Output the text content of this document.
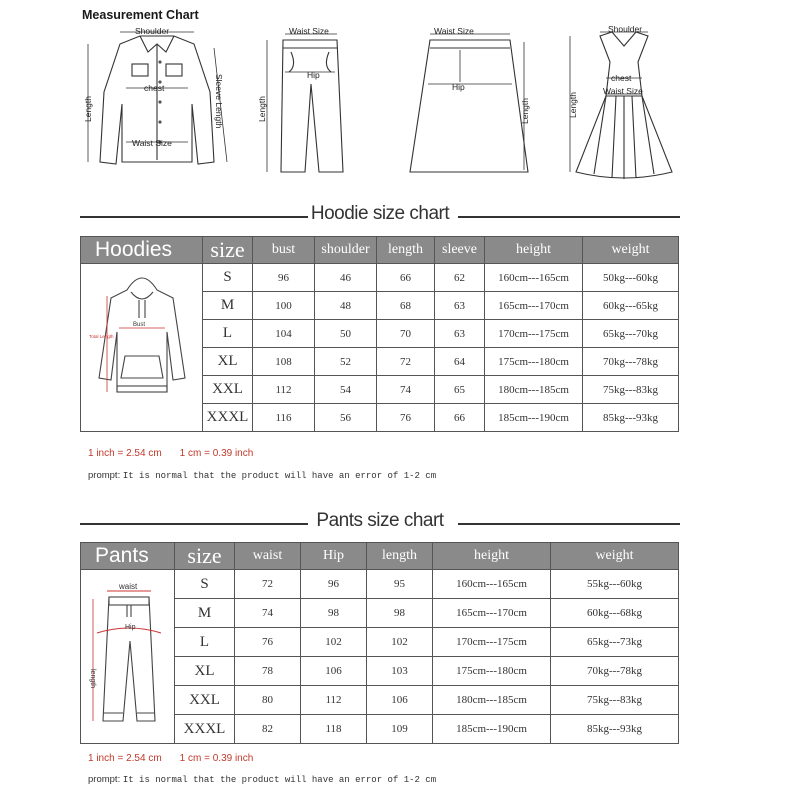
Measurement Chart
Shoulder
chest
Waist Size
Length	Sleeve Length
Waist Size
Hip
Length
Waist Size
Hip
Length
Shoulder
chest
Waist Size
Length
Hoodie size chart
Hoodies	size	bust	shoulder	length	sleeve	height	weight

Bust
Total Length	S	96	46	66	62	160cm---165cm	50kg---60kg
	M	100	48	68	63	165cm---170cm	60kg---65kg
	L	104	50	70	63	170cm---175cm	65kg---70kg
	XL	108	52	72	64	175cm---180cm	70kg---78kg
	XXL	112	54	74	65	180cm---185cm	75kg---83kg
	XXXL	116	56	76	66	185cm---190cm	85kg---93kg
1 inch = 2.54 cm 1 cm = 0.39 inch
prompt: It is normal that the product will have an error of 1-2 cm
Pants size chart
Pants	size	waist	Hip	length	height	weight

waist
Hip
length	S	72	96	95	160cm---165cm	55kg---60kg
	M	74	98	98	165cm---170cm	60kg---68kg
	L	76	102	102	170cm---175cm	65kg---73kg
	XL	78	106	103	175cm---180cm	70kg---78kg
	XXL	80	112	106	180cm---185cm	75kg---83kg
	XXXL	82	118	109	185cm---190cm	85kg---93kg
1 inch = 2.54 cm 1 cm = 0.39 inch
prompt: It is normal that the product will have an error of 1-2 cm
